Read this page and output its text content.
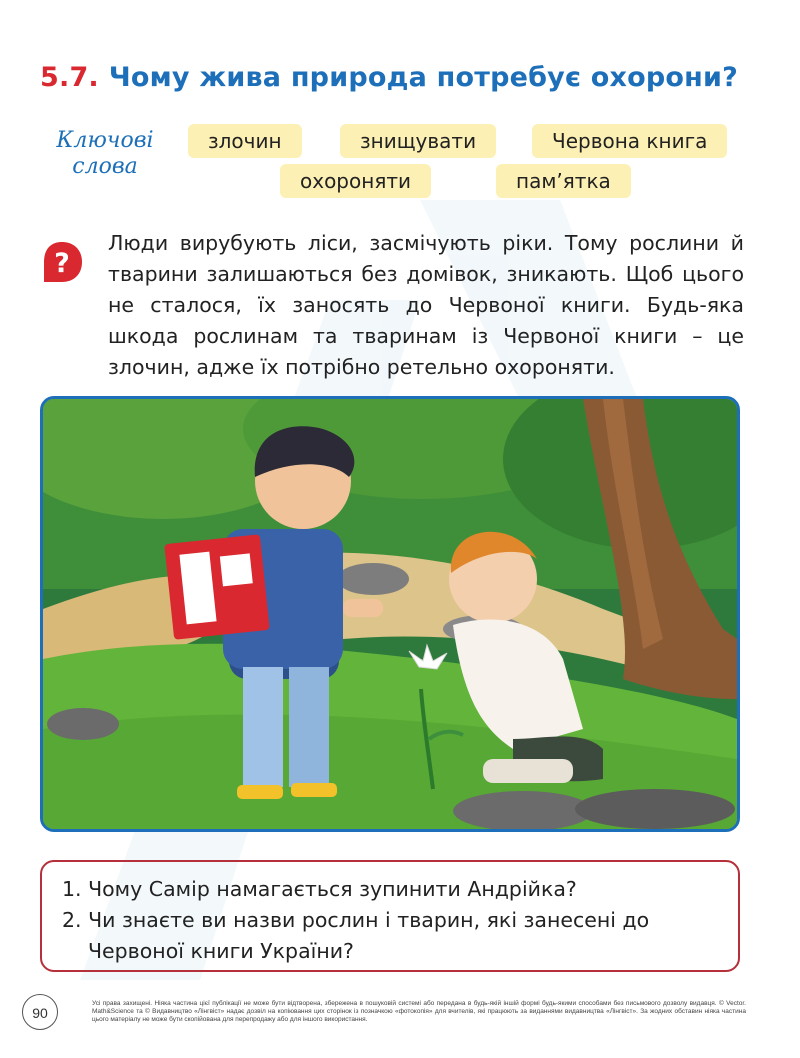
5.7. Чому жива природа потребує охорони?
Ключові
слова
злочин	знищувати	Червона книга
охороняти	пам’ятка
?

Люди вирубують ліси, засмічують ріки. Тому рослини й тварини залишаються без домівок, зникають. Щоб цього не сталося, їх заносять до Червоної книги. Будь-яка шкода рослинам та тваринам із Червоної книги – це злочин, адже їх потрібно ретельно охороняти.

1. Чому Самір намагається зупинити Андрійка?
2. Чи знаєте ви назви рослин і тварин, які занесені до Червоної книги України?
90

Усі права захищені. Ніяка частина цієї публікації не може бути відтворена, збережена в пошуковій системі або передана в будь-якій іншій формі будь-якими способами без письмового дозволу видавця. © Vector. Math&Science та © Видавництво «Лінгвіст» надає дозвіл на копіювання цих сторінок із позначкою «фотокопія» для вчителів, які працюють за виданнями видавництва «Лінгвіст». За жодних обставин ніяка частина цього матеріалу не може бути скопійована для перепродажу або для іншого використання.
